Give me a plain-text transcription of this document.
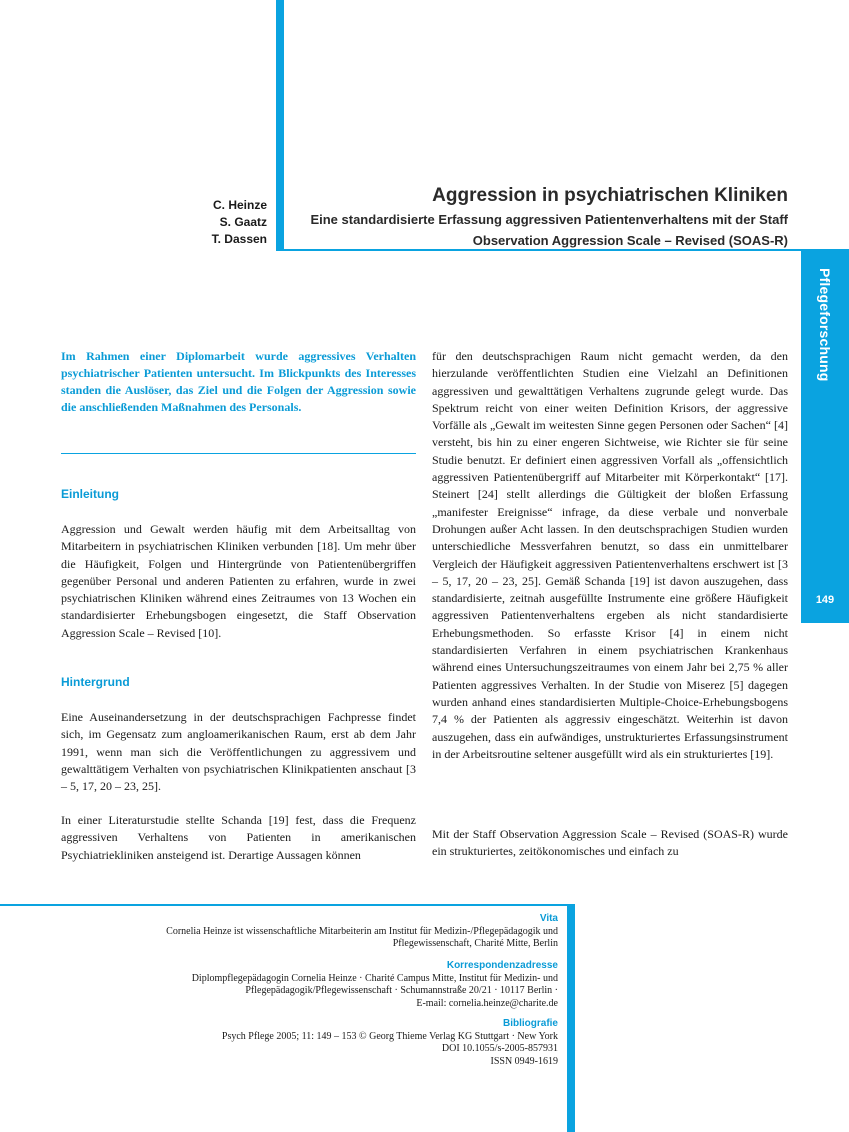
Pflegeforschung
149
C. Heinze
S. Gaatz
T. Dassen
Aggression in psychiatrischen Kliniken
Eine standardisierte Erfassung aggressiven Patientenverhaltens mit der Staff
Observation Aggression Scale – Revised (SOAS-R)
Im Rahmen einer Diplomarbeit wurde aggressives Verhalten psychiatrischer Patienten untersucht. Im Blickpunkts des Interesses standen die Auslöser, das Ziel und die Folgen der Aggression sowie die anschließenden Maßnahmen des Personals.
Einleitung
Aggression und Gewalt werden häufig mit dem Arbeitsalltag von Mitarbeitern in psychiatrischen Kliniken verbunden [18]. Um mehr über die Häufigkeit, Folgen und Hintergründe von Patientenübergriffen gegenüber Personal und anderen Patienten zu erfahren, wurde in zwei psychiatrischen Kliniken während eines Zeitraumes von 13 Wochen ein standardisierter Erhebungsbogen eingesetzt, die Staff Observation Aggression Scale – Revised [10].
Hintergrund
Eine Auseinandersetzung in der deutschsprachigen Fachpresse findet sich, im Gegensatz zum angloamerikanischen Raum, erst ab dem Jahr 1991, wenn man sich die Veröffentlichungen zu aggressivem und gewalttätigem Verhalten von psychiatrischen Klinikpatienten anschaut [3 – 5, 17, 20 – 23, 25].
In einer Literaturstudie stellte Schanda [19] fest, dass die Frequenz aggressiven Verhaltens von Patienten in amerikanischen Psychiatriekliniken ansteigend ist. Derartige Aussagen können
für den deutschsprachigen Raum nicht gemacht werden, da den hierzulande veröffentlichten Studien eine Vielzahl an Definitionen aggressiven und gewalttätigen Verhaltens zugrunde gelegt wurde. Das Spektrum reicht von einer weiten Definition Krisors, der aggressive Vorfälle als „Gewalt im weitesten Sinne gegen Personen oder Sachen“ [4] versteht, bis hin zu einer engeren Sichtweise, wie Richter sie für seine Studie benutzt. Er definiert einen aggressiven Vorfall als „offensichtlich aggressiven Patientenübergriff auf Mitarbeiter mit Körperkontakt“ [17]. Steinert [24] stellt allerdings die Gültigkeit der bloßen Erfassung „manifester Ereignisse“ infrage, da diese verbale und nonverbale Drohungen außer Acht lassen. In den deutschsprachigen Studien wurden unterschiedliche Messverfahren benutzt, so dass ein unmittelbarer Vergleich der Häufigkeit aggressiven Patientenverhaltens erschwert ist [3 – 5, 17, 20 – 23, 25]. Gemäß Schanda [19] ist davon auszugehen, dass standardisierte, zeitnah ausgefüllte Instrumente eine größere Häufigkeit aggressiven Patientenverhaltens ergeben als nicht standardisierte Erhebungsmethoden. So erfasste Krisor [4] in einem nicht standardisierten Verfahren in einem psychiatrischen Krankenhaus während eines Untersuchungszeitraumes von einem Jahr bei 2,75 % aller Patienten aggressives Verhalten. In der Studie von Miserez [5] dagegen wurden anhand eines standardisierten Multiple-Choice-Erhebungsbogens 7,4 % der Patienten als aggressiv eingeschätzt. Weiterhin ist davon auszugehen, dass ein aufwändiges, unstrukturiertes Erfassungsinstrument in der Arbeitsroutine seltener ausgefüllt wird als ein strukturiertes [19].
Mit der Staff Observation Aggression Scale – Revised (SOAS-R) wurde ein strukturiertes, zeitökonomisches und einfach zu
Vita
Cornelia Heinze ist wissenschaftliche Mitarbeiterin am Institut für Medizin-/Pflegepädagogik und
Pflegewissenschaft, Charité Mitte, Berlin
Korrespondenzadresse
Diplompflegepädagogin Cornelia Heinze · Charité Campus Mitte, Institut für Medizin- und
Pflegepädagogik/Pflegewissenschaft · Schumannstraße 20/21 · 10117 Berlin ·
E-mail: cornelia.heinze@charite.de
Bibliografie
Psych Pflege 2005; 11: 149 – 153 © Georg Thieme Verlag KG Stuttgart · New York
DOI 10.1055/s-2005-857931
ISSN 0949-1619
